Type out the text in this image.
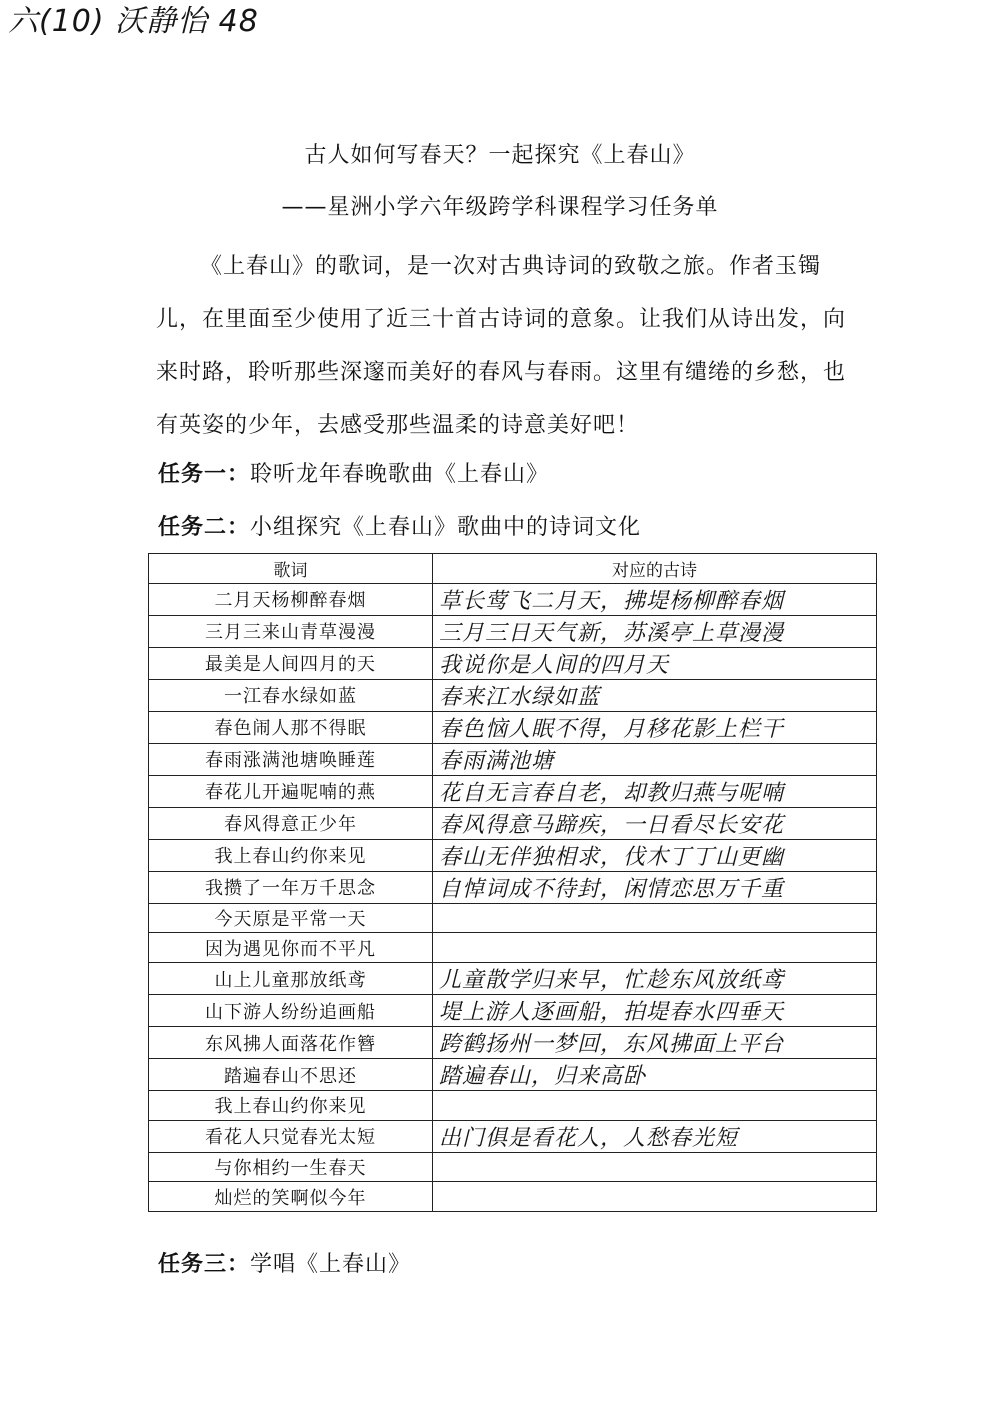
六(10) 沃静怡 48
古人如何写春天？一起探究《上春山》
——星洲小学六年级跨学科课程学习任务单

《上春山》的歌词，是一次对古典诗词的致敬之旅。作者玉镯儿，在里面至少使用了近三十首古诗词的意象。让我们从诗出发，向来时路，聆听那些深邃而美好的春风与春雨。这里有缱绻的乡愁，也有英姿的少年，去感受那些温柔的诗意美好吧！

任务一：聆听龙年春晚歌曲《上春山》
任务二：小组探究《上春山》歌曲中的诗词文化
歌词	对应的古诗
二月天杨柳醉春烟	草长莺飞二月天，拂堤杨柳醉春烟
三月三来山青草漫漫	三月三日天气新，苏溪亭上草漫漫
最美是人间四月的天	我说你是人间的四月天
一江春水绿如蓝	春来江水绿如蓝
春色闹人那不得眠	春色恼人眠不得，月移花影上栏干
春雨涨满池塘唤睡莲	春雨满池塘
春花儿开遍呢喃的燕	花自无言春自老，却教归燕与呢喃
春风得意正少年	春风得意马蹄疾，一日看尽长安花
我上春山约你来见	春山无伴独相求，伐木丁丁山更幽
我攒了一年万千思念	自悼词成不待封，闲情恋思万千重
今天原是平常一天	
因为遇见你而不平凡	
山上儿童那放纸鸢	儿童散学归来早，忙趁东风放纸鸢
山下游人纷纷追画船	堤上游人逐画船，拍堤春水四垂天
东风拂人面落花作簪	跨鹤扬州一梦回，东风拂面上平台
踏遍春山不思还	踏遍春山，归来高卧
我上春山约你来见	
看花人只觉春光太短	出门俱是看花人，人愁春光短
与你相约一生春天	
灿烂的笑啊似今年	
任务三：学唱《上春山》
